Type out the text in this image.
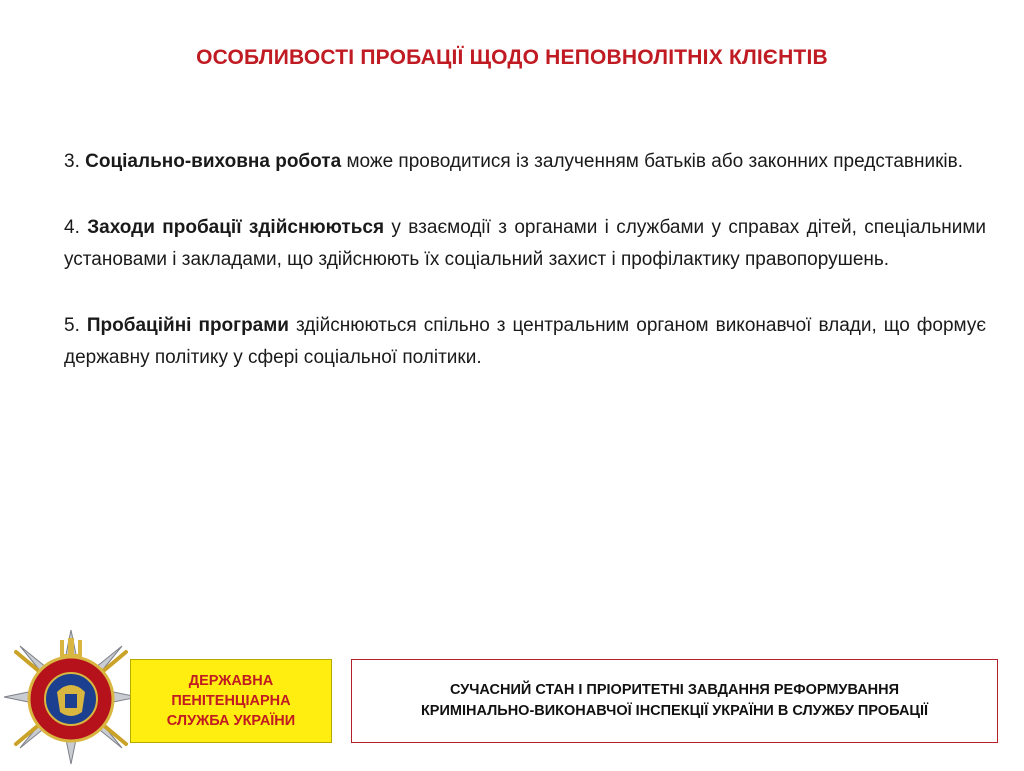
ОСОБЛИВОСТІ ПРОБАЦІЇ ЩОДО НЕПОВНОЛІТНІХ КЛІЄНТІВ

3. Соціально-виховна робота може проводитися із залученням батьків або законних представників.

4. Заходи пробації здійснюються у взаємодії з органами і службами у справах дітей, спеціальними установами і закладами, що здійснюють їх соціальний захист і профілактику правопорушень.

5. Пробаційні програми здійснюються спільно з центральним органом виконавчої влади, що формує державну політику у сфері соціальної політики.

ДЕРЖАВНА
ПЕНІТЕНЦІАРНА
СЛУЖБА УКРАЇНИ
СУЧАСНИЙ СТАН І ПРІОРИТЕТНІ ЗАВДАННЯ РЕФОРМУВАННЯ
КРИМІНАЛЬНО-ВИКОНАВЧОЇ ІНСПЕКЦІЇ УКРАЇНИ В СЛУЖБУ ПРОБАЦІЇ
